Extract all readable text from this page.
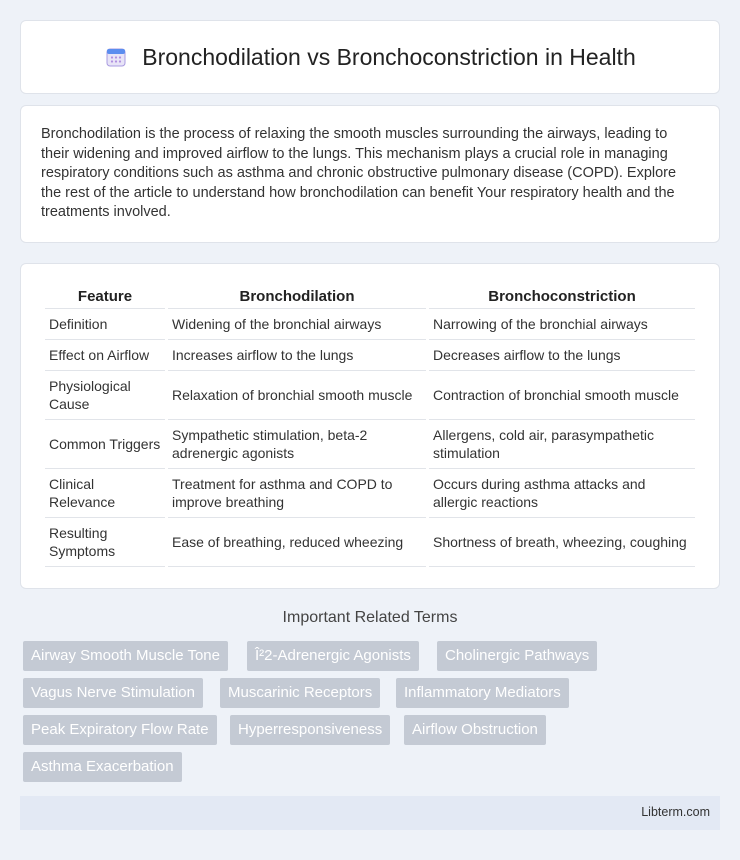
Bronchodilation vs Bronchoconstriction in Health

Bronchodilation is the process of relaxing the smooth muscles surrounding the airways, leading to their widening and improved airflow to the lungs. This mechanism plays a crucial role in managing respiratory conditions such as asthma and chronic obstructive pulmonary disease (COPD). Explore the rest of the article to understand how bronchodilation can benefit Your respiratory health and the treatments involved.

Feature	Bronchodilation	Bronchoconstriction
Definition	Widening of the bronchial airways	Narrowing of the bronchial airways
Effect on Airflow	Increases airflow to the lungs	Decreases airflow to the lungs
Physiological Cause	Relaxation of bronchial smooth muscle	Contraction of bronchial smooth muscle
Common Triggers	Sympathetic stimulation, beta-2 adrenergic agonists	Allergens, cold air, parasympathetic stimulation
Clinical Relevance	Treatment for asthma and COPD to improve breathing	Occurs during asthma attacks and allergic reactions
Resulting Symptoms	Ease of breathing, reduced wheezing	Shortness of breath, wheezing, coughing
Important Related Terms
Airway Smooth Muscle Tone	Î²2-Adrenergic Agonists	Cholinergic Pathways
Vagus Nerve Stimulation	Muscarinic Receptors	Inflammatory Mediators
Peak Expiratory Flow Rate	Hyperresponsiveness	Airflow Obstruction
Asthma Exacerbation
Libterm.com
